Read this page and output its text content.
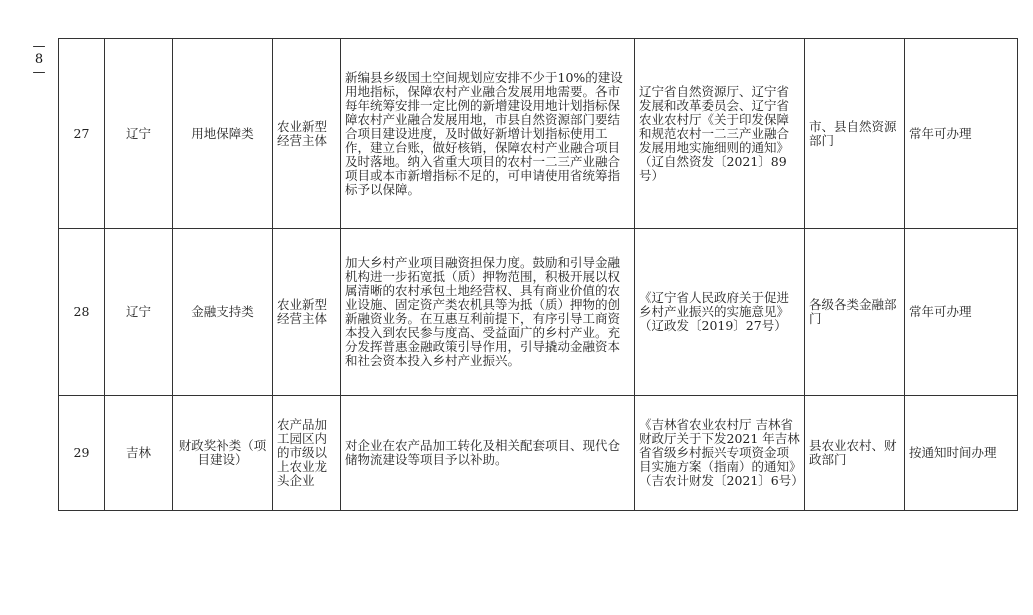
—
8
—
27	辽宁	用地保障类	农业新型经营主体	新编县乡级国土空间规划应安排不少于10%的建设用地指标，保障农村产业融合发展用地需要。各市每年统筹安排一定比例的新增建设用地计划指标保障农村产业融合发展用地，市县自然资源部门要结合项目建设进度，及时做好新增计划指标使用工作，建立台账，做好核销，保障农村产业融合项目及时落地。纳入省重大项目的农村一二三产业融合项目或本市新增指标不足的，可申请使用省统筹指标予以保障。	辽宁省自然资源厅、辽宁省发展和改革委员会、辽宁省农业农村厅《关于印发保障和规范农村一二三产业融合发展用地实施细则的通知》（辽自然资发〔2021〕89号）	市、县自然资源部门	常年可办理
28	辽宁	金融支持类	农业新型经营主体	加大乡村产业项目融资担保力度。鼓励和引导金融机构进一步拓宽抵（质）押物范围，积极开展以权属清晰的农村承包土地经营权、具有商业价值的农业设施、固定资产类农机具等为抵（质）押物的创新融资业务。在互惠互利前提下，有序引导工商资本投入到农民参与度高、受益面广的乡村产业。充分发挥普惠金融政策引导作用，引导撬动金融资本和社会资本投入乡村产业振兴。	《辽宁省人民政府关于促进乡村产业振兴的实施意见》（辽政发〔2019〕27号）	各级各类金融部门	常年可办理
29	吉林	财政奖补类（项目建设）	农产品加工园区内的市级以上农业龙头企业	对企业在农产品加工转化及相关配套项目、现代仓储物流建设等项目予以补助。	《吉林省农业农村厅 吉林省财政厅关于下发2021 年吉林省省级乡村振兴专项资金项目实施方案（指南）的通知》（吉农计财发〔2021〕6号）	县农业农村、财政部门	按通知时间办理
